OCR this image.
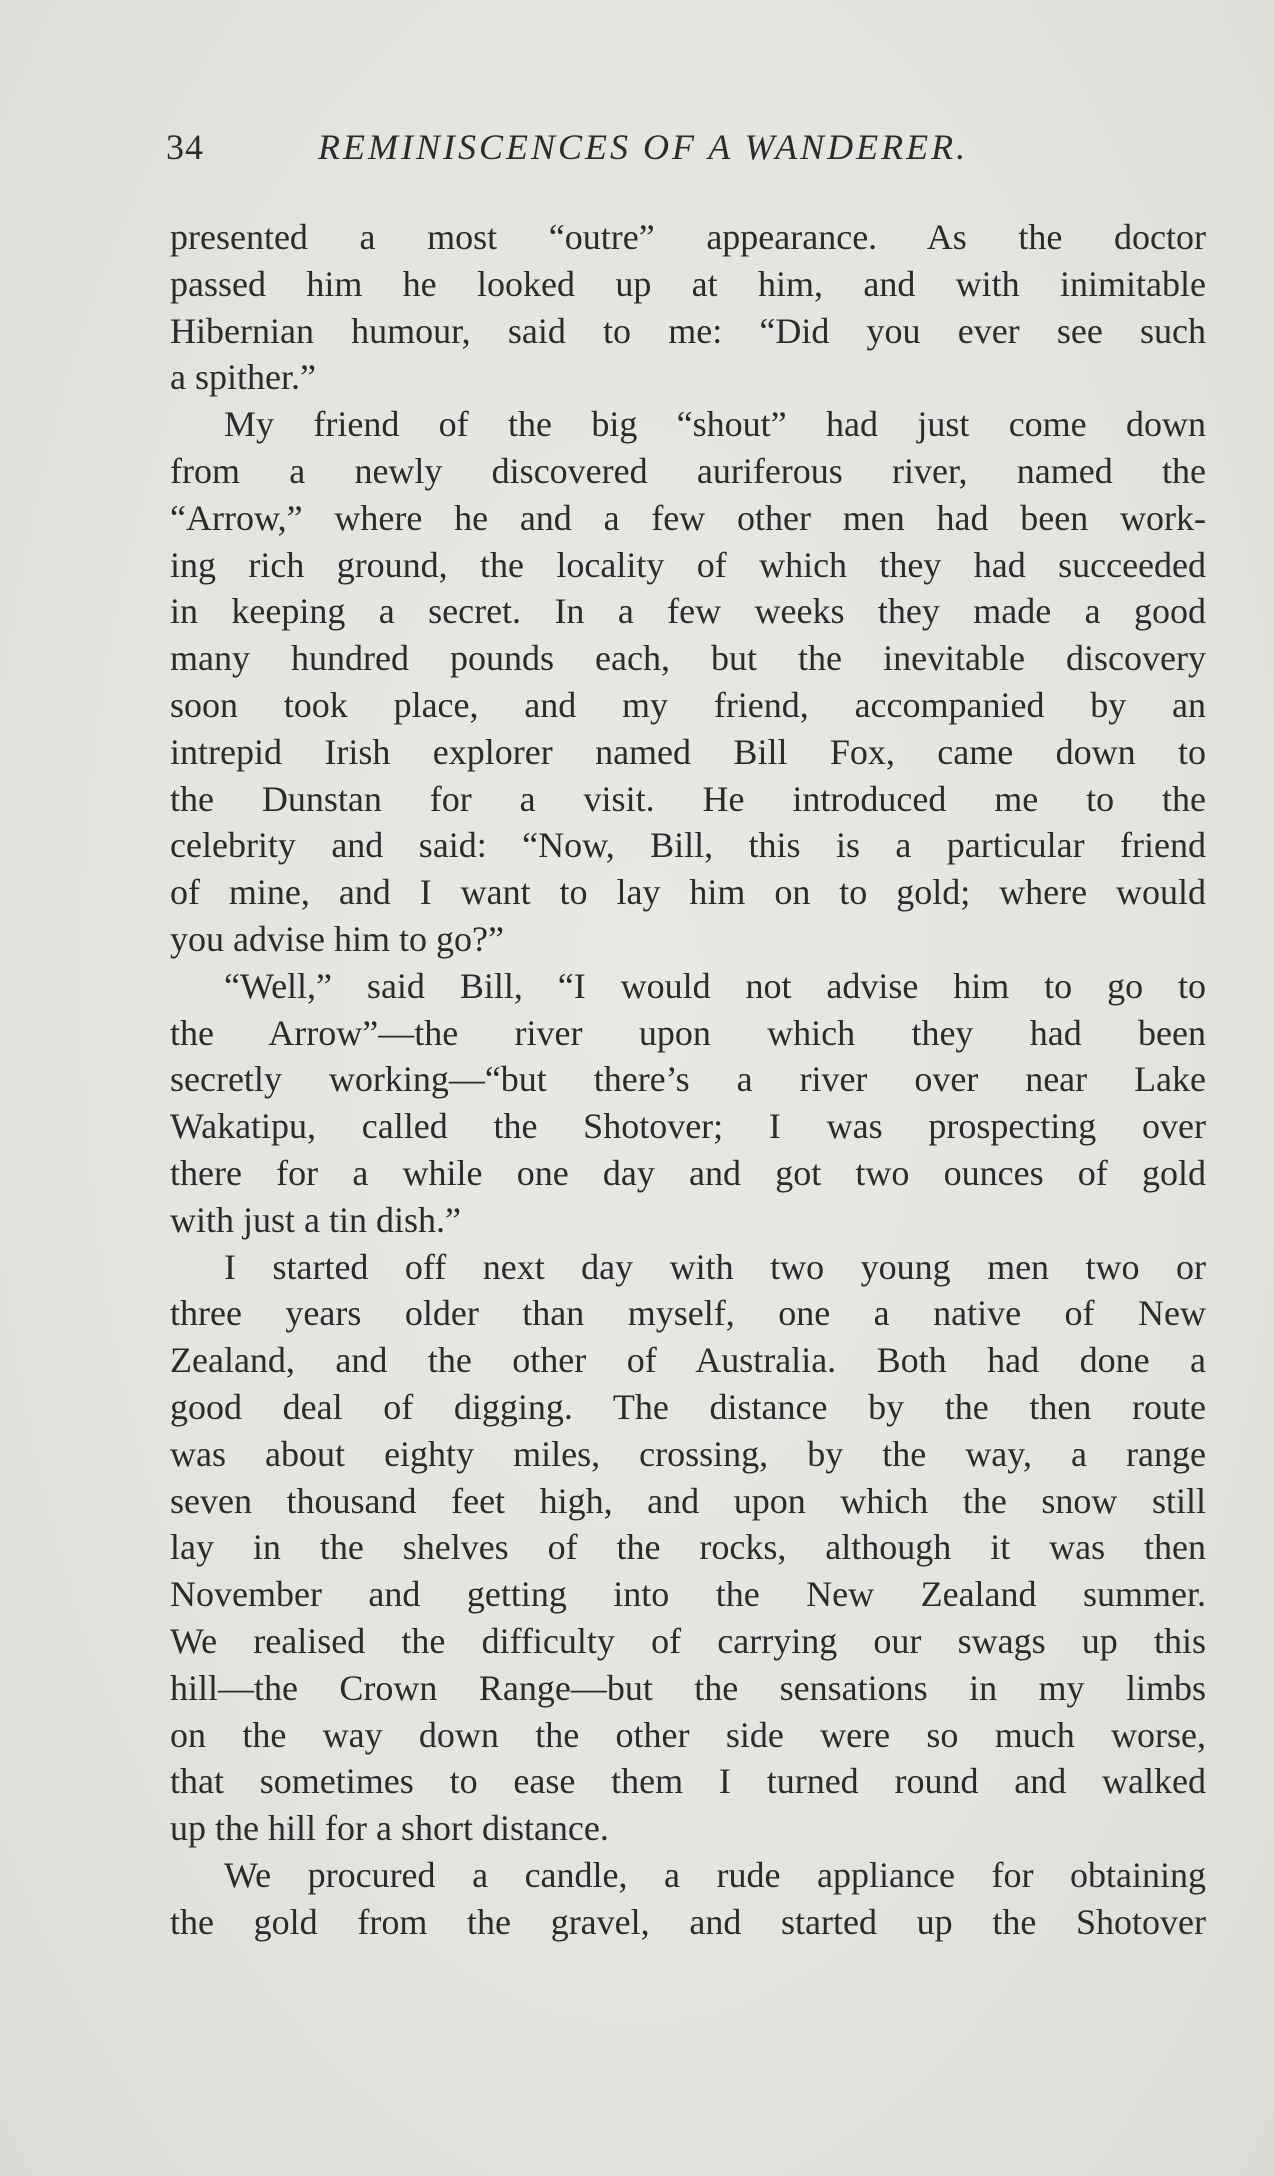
34	REMINISCENCES OF A WANDERER.
presented a most “outre” appearance. As the doctor
passed him he looked up at him, and with inimitable
Hibernian humour, said to me: “Did you ever see such
a spither.”
My friend of the big “shout” had just come down
from a newly discovered auriferous river, named the
“Arrow,” where he and a few other men had been work-
ing rich ground, the locality of which they had succeeded
in keeping a secret. In a few weeks they made a good
many hundred pounds each, but the inevitable discovery
soon took place, and my friend, accompanied by an
intrepid Irish explorer named Bill Fox, came down to
the Dunstan for a visit. He introduced me to the
celebrity and said: “Now, Bill, this is a particular friend
of mine, and I want to lay him on to gold; where would
you advise him to go?”
“Well,” said Bill, “I would not advise him to go to
the Arrow”—the river upon which they had been
secretly working—“but there’s a river over near Lake
Wakatipu, called the Shotover; I was prospecting over
there for a while one day and got two ounces of gold
with just a tin dish.”
I started off next day with two young men two or
three years older than myself, one a native of New
Zealand, and the other of Australia. Both had done a
good deal of digging. The distance by the then route
was about eighty miles, crossing, by the way, a range
seven thousand feet high, and upon which the snow still
lay in the shelves of the rocks, although it was then
November and getting into the New Zealand summer.
We realised the difficulty of carrying our swags up this
hill—the Crown Range—but the sensations in my limbs
on the way down the other side were so much worse,
that sometimes to ease them I turned round and walked
up the hill for a short distance.
We procured a candle, a rude appliance for obtaining
the gold from the gravel, and started up the Shotover
